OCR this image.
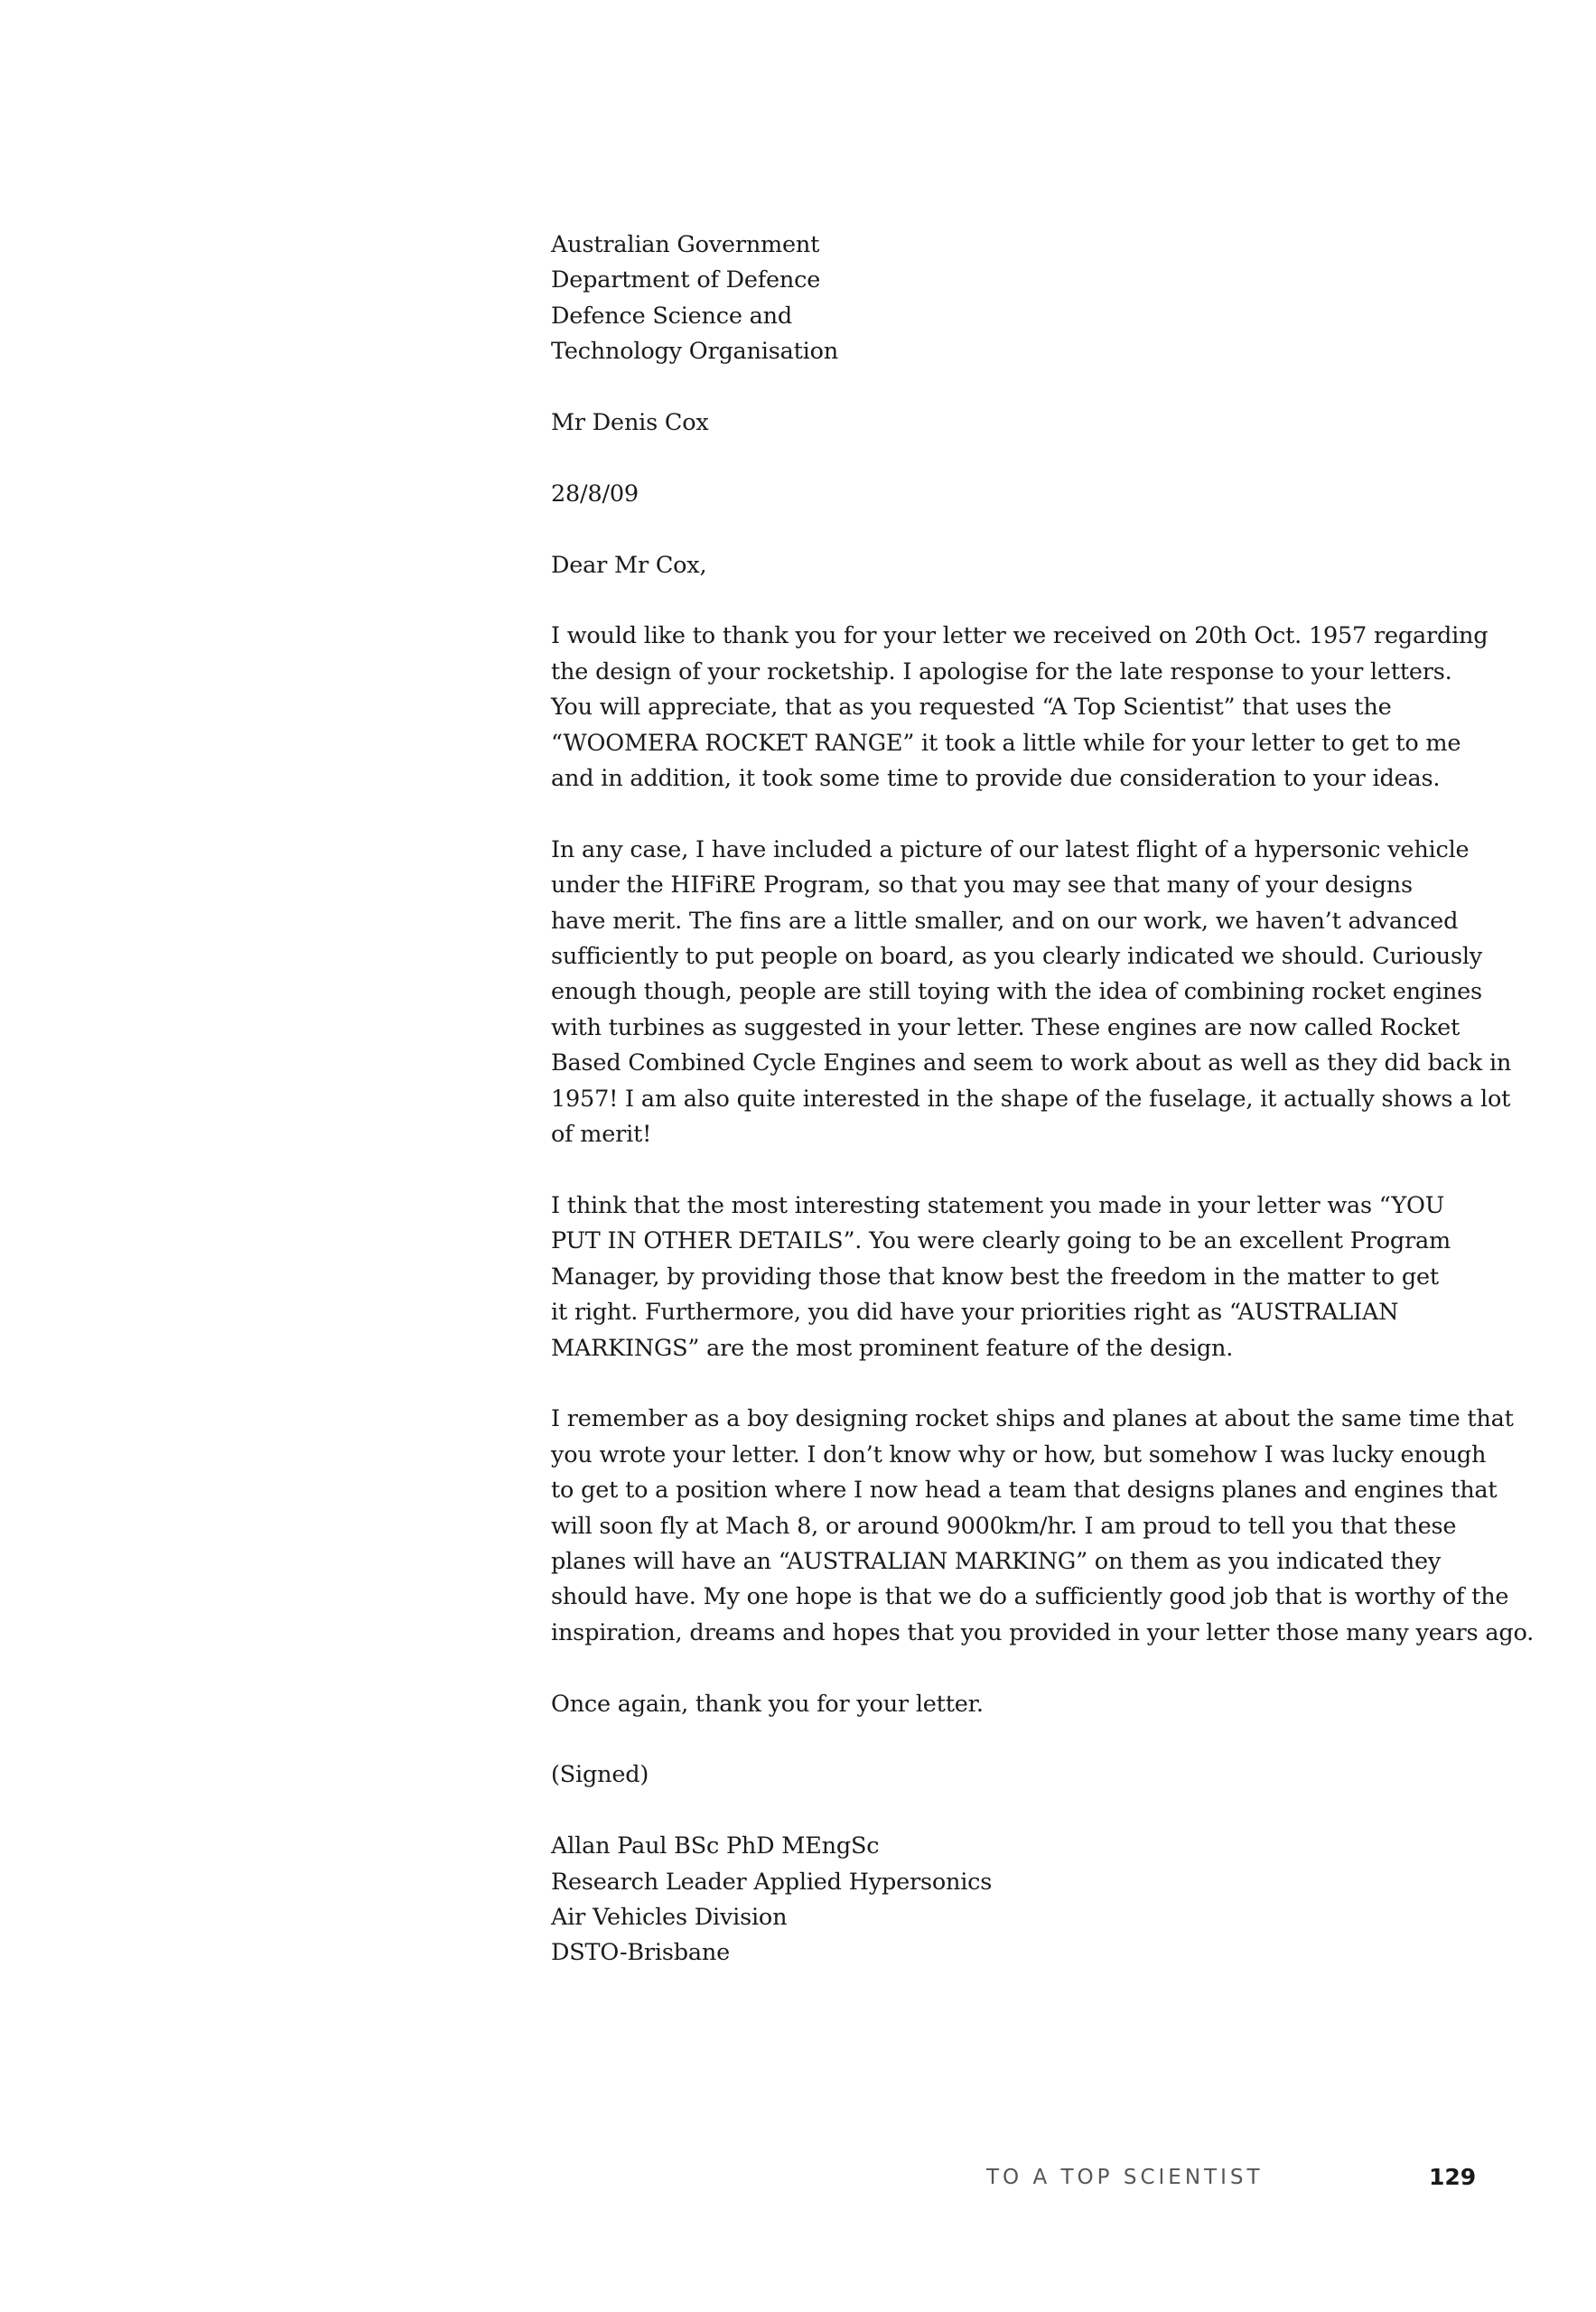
Australian Government
Department of Defence
Defence Science and
Technology Organisation
Mr Denis Cox
28/8/09
Dear Mr Cox,
I would like to thank you for your letter we received on 20th Oct. 1957 regarding
the design of your rocketship. I apologise for the late response to your letters.
You will appreciate, that as you requested “A Top Scientist” that uses the
“WOOMERA ROCKET RANGE” it took a little while for your letter to get to me
and in addition, it took some time to provide due consideration to your ideas.
In any case, I have included a picture of our latest flight of a hypersonic vehicle
under the HIFiRE Program, so that you may see that many of your designs
have merit. The fins are a little smaller, and on our work, we haven’t advanced
sufficiently to put people on board, as you clearly indicated we should. Curiously
enough though, people are still toying with the idea of combining rocket engines
with turbines as suggested in your letter. These engines are now called Rocket
Based Combined Cycle Engines and seem to work about as well as they did back in
1957! I am also quite interested in the shape of the fuselage, it actually shows a lot
of merit!
I think that the most interesting statement you made in your letter was “YOU
PUT IN OTHER DETAILS”. You were clearly going to be an excellent Program
Manager, by providing those that know best the freedom in the matter to get
it right. Furthermore, you did have your priorities right as “AUSTRALIAN
MARKINGS” are the most prominent feature of the design.
I remember as a boy designing rocket ships and planes at about the same time that
you wrote your letter. I don’t know why or how, but somehow I was lucky enough
to get to a position where I now head a team that designs planes and engines that
will soon fly at Mach 8, or around 9000km/hr. I am proud to tell you that these
planes will have an “AUSTRALIAN MARKING” on them as you indicated they
should have. My one hope is that we do a sufficiently good job that is worthy of the
inspiration, dreams and hopes that you provided in your letter those many years ago.
Once again, thank you for your letter.
(Signed)
Allan Paul BSc PhD MEngSc
Research Leader Applied Hypersonics
Air Vehicles Division
DSTO-Brisbane
TO A TOP SCIENTIST	129
